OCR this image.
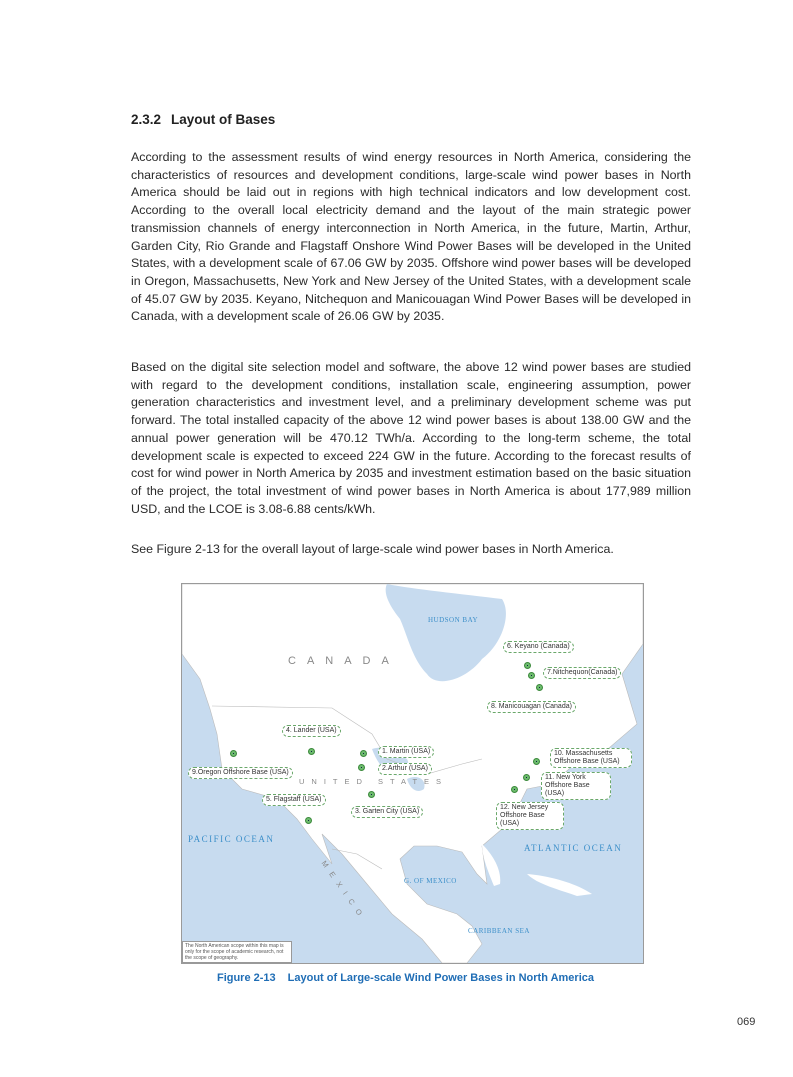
2.3.2 Layout of Bases

According to the assessment results of wind energy resources in North America, considering the characteristics of resources and development conditions, large-scale wind power bases in North America should be laid out in regions with high technical indicators and low development cost. According to the overall local electricity demand and the layout of the main strategic power transmission channels of energy interconnection in North America, in the future, Martin, Arthur, Garden City, Rio Grande and Flagstaff Onshore Wind Power Bases will be developed in the United States, with a development scale of 67.06 GW by 2035. Offshore wind power bases will be developed in Oregon, Massachusetts, New York and New Jersey of the United States, with a development scale of 45.07 GW by 2035. Keyano, Nitchequon and Manicouagan Wind Power Bases will be developed in Canada, with a development scale of 26.06 GW by 2035.

Based on the digital site selection model and software, the above 12 wind power bases are studied with regard to the development conditions, installation scale, engineering assumption, power generation characteristics and investment level, and a preliminary development scheme was put forward. The total installed capacity of the above 12 wind power bases is about 138.00 GW and the annual power generation will be 470.12 TWh/a. According to the long-term scheme, the total development scale is expected to exceed 224 GW in the future. According to the forecast results of cost for wind power in North America by 2035 and investment estimation based on the basic situation of the project, the total investment of wind power bases in North America is about 177,989 million USD, and the LCOE is 3.08-6.88 cents/kWh.

See Figure 2-13 for the overall layout of large-scale wind power bases in North America.

HUDSON BAY
CANADA
UNITED STATES
MEXICO
PACIFIC OCEAN
ATLANTIC OCEAN
G. OF MEXICO
CARIBBEAN SEA
6. Keyano (Canada)
7.Nitchequon(Canada)
8. Manicouagan (Canada)
4. Lander (USA)
1. Martin (USA)
2.Arthur (USA)
9.Oregon Offshore Base (USA)
5. Flagstaff (USA)
3. Garten City (USA)
10. Massachusetts Offshore Base (USA)
11. New York Offshore Base (USA)
12. New Jersey Offshore Base (USA)
The North American scope within this map is only for the scope of academic research, not the scope of geography.
Figure 2-13 Layout of Large-scale Wind Power Bases in North America
069
